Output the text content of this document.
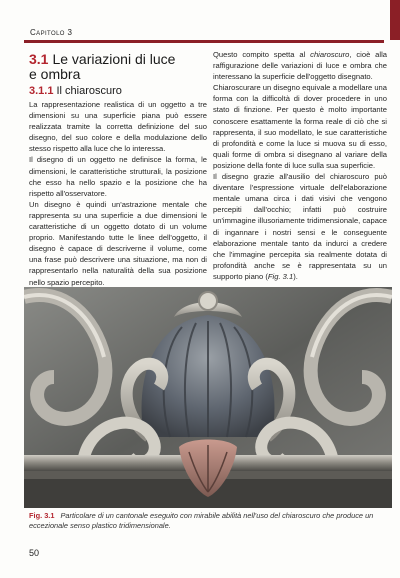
Capitolo 3
3.1 Le variazioni di luce
e ombra
3.1.1 Il chiaroscuro

La rappresentazione realistica di un oggetto a tre dimensioni su una superficie piana può essere realizzata tramite la corretta definizione del suo disegno, del suo colore e della modulazione dello stesso rispetto alla luce che lo interessa.

Il disegno di un oggetto ne definisce la forma, le dimensioni, le caratteristiche strutturali, la posizione che esso ha nello spazio e la posizione che ha rispetto all'osservatore.

Un disegno è quindi un'astrazione mentale che rappresenta su una superficie a due dimensioni le caratteristiche di un oggetto dotato di un volume proprio. Manifestando tutte le linee dell'oggetto, il disegno è capace di descriverne il volume, come una frase può descrivere una situazione, ma non di rappresentarlo nella naturalità della sua posizione nello spazio percepito.

Questo compito spetta al chiaroscuro, cioè alla raffigurazione delle variazioni di luce e ombra che interessano la superficie dell'oggetto disegnato.

Chiaroscurare un disegno equivale a modellare una forma con la difficoltà di dover procedere in uno stato di finzione. Per questo è molto importante conoscere esattamente la forma reale di ciò che si rappresenta, il suo modellato, le sue caratteristiche di profondità e come la luce si muova su di esso, quali forme di ombra si disegnano al variare della posizione della fonte di luce sulla sua superficie.

Il disegno grazie all'ausilio del chiaroscuro può diventare l'espressione virtuale dell'elaborazione mentale umana circa i dati visivi che vengono percepiti dall'occhio; infatti può costruire un'immagine illusoriamente tridimensionale, capace di ingannare i nostri sensi e le conseguente elaborazione mentale tanto da indurci a credere che l'immagine percepita sia realmente dotata di profondità anche se è rappresentata su un supporto piano (Fig. 3.1).

Fig. 3.1 Particolare di un cantonale eseguito con mirabile abilità nell'uso del chiaroscuro che produce un eccezionale senso plastico tridimensionale.
50
